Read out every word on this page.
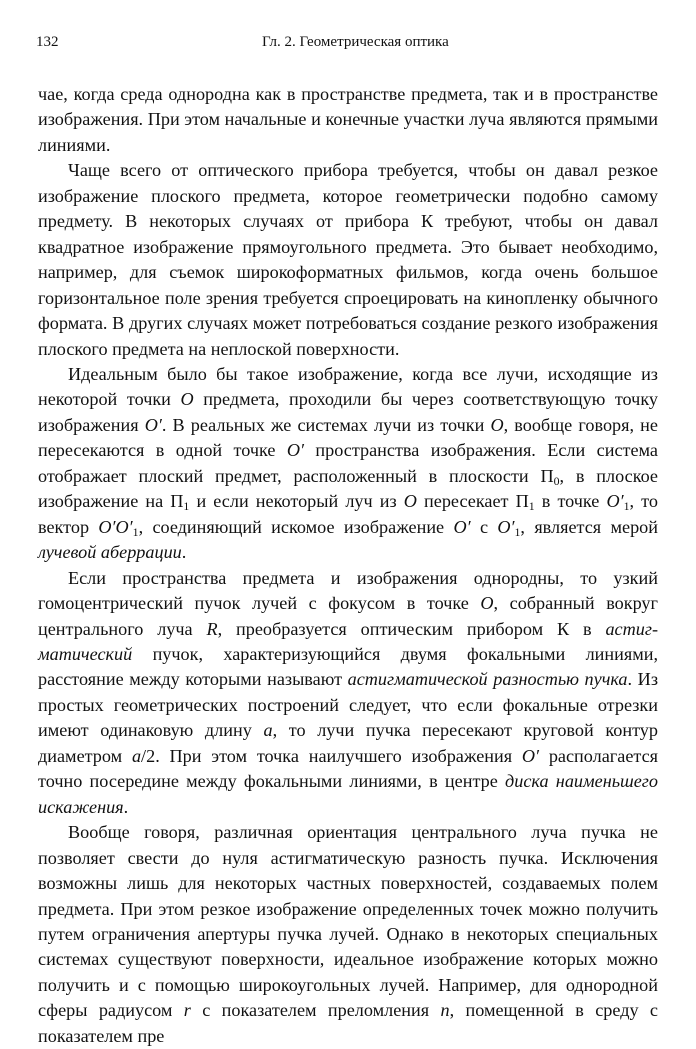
132	Гл. 2. Геометрическая оптика

чае, когда среда однородна как в пространстве предмета, так и в пространстве изображения. При этом начальные и конечные участки луча являются прямыми линиями.

Чаще всего от оптического прибора требуется, чтобы он давал резкое изображение плоского предмета, которое геометрически подобно самому предмету. В некоторых случаях от прибора К требуют, чтобы он давал квадратное изображение прямоугольного предмета. Это бывает необходимо, например, для съемок широкоформатных фильмов, когда очень большое горизонтальное поле зрения требуется спроецировать на кинопленку обычного формата. В других случаях может потребоваться создание резкого изображения плоского предмета на неплоской поверхности.

Идеальным было бы такое изображение, когда все лучи, исходящие из некоторой точки O предмета, проходили бы через соответствующую точку изображения O′. В реальных же системах лучи из точки O, вообще говоря, не пересекаются в одной точке O′ пространства изображения. Если система отображает плоский предмет, расположенный в плоскости $\Pi_0$, в плоское изображение на $\Pi_1$ и если некоторый луч из O пересекает $\Pi_1$ в точке $O'_1$, то вектор $O'O'_1$, соединяющий искомое изображение O′ с $O'_1$, является мерой лучевой аберрации.

Если пространства предмета и изображения однородны, то узкий гомоцентрический пучок лучей с фокусом в точке O, собранный вокруг центрального луча R, преобразуется оптическим прибором К в астигматический пучок, характеризующийся двумя фокальными линиями, расстояние между которыми называют астигматической разностью пучка. Из простых геометрических построений следует, что если фокальные отрезки имеют одинаковую длину a, то лучи пучка пересекают круговой контур диаметром a/2. При этом точка наилучшего изображения O′ располагается точно посередине между фокальными линиями, в центре диска наименьшего искажения.

Вообще говоря, различная ориентация центрального луча пучка не позволяет свести до нуля астигматическую разность пучка. Исключения возможны лишь для некоторых частных поверхностей, создаваемых полем предмета. При этом резкое изображение определенных точек можно получить путем ограничения апертуры пучка лучей. Однако в некоторых специальных системах существуют поверхности, идеальное изображение которых можно получить и с помощью широкоугольных лучей. Например, для однородной сферы радиусом r с показателем преломления n, помещенной в среду с показателем пре
